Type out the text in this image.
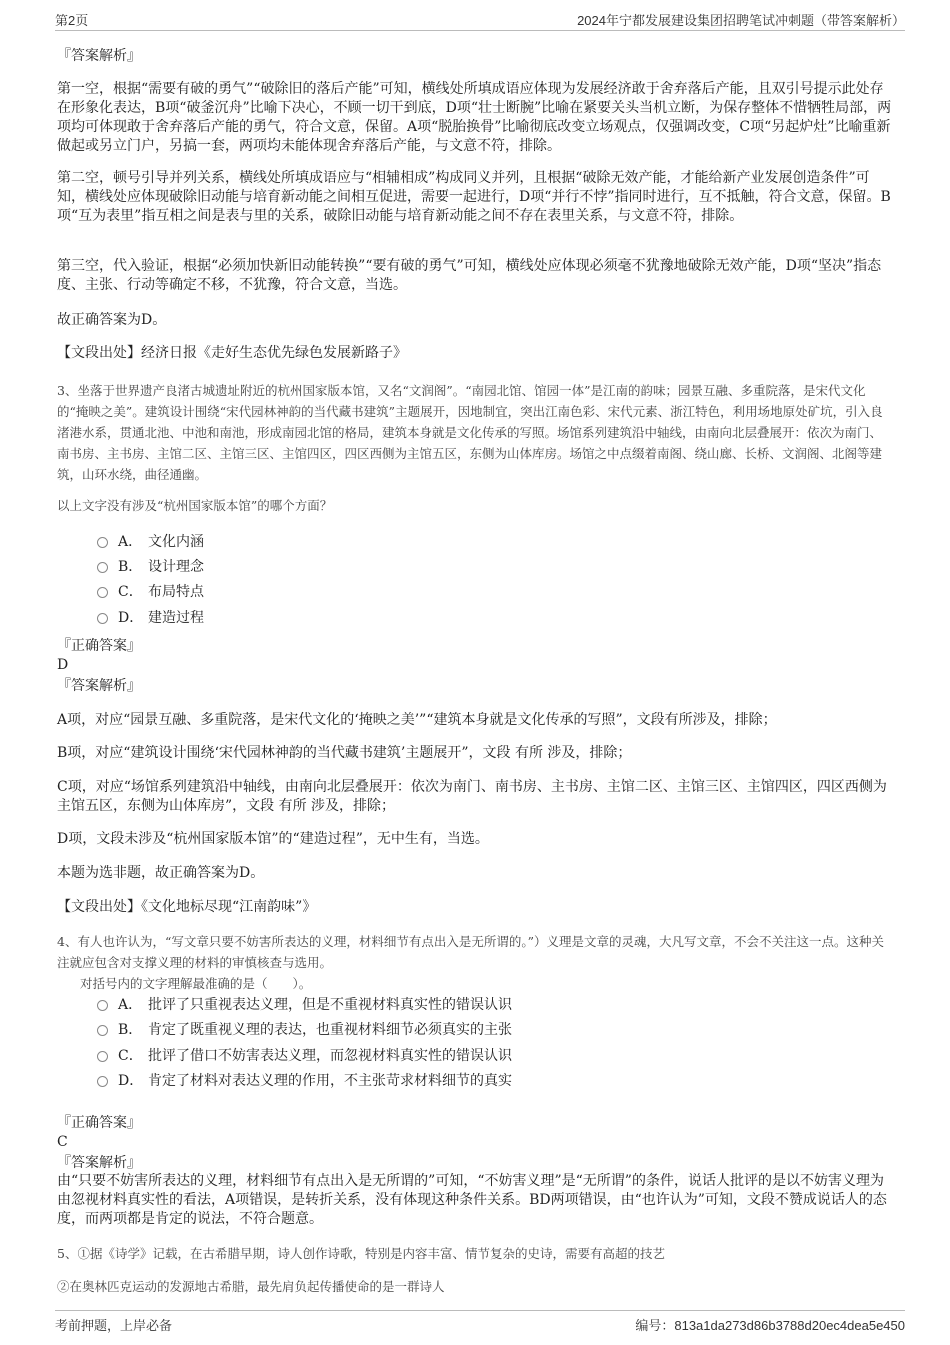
第2页	2024年宁都发展建设集团招聘笔试冲刺题（带答案解析）
『答案解析』
第一空，根据“需要有破的勇气”“破除旧的落后产能”可知，横线处所填成语应体现为发展经济敢于舍弃落后产能，且双引号提示此处存在形象化表达，B项“破釜沉舟”比喻下决心，不顾一切干到底，D项“壮士断腕”比喻在紧要关头当机立断，为保存整体不惜牺牲局部，两项均可体现敢于舍弃落后产能的勇气，符合文意，保留。A项“脱胎换骨”比喻彻底改变立场观点，仅强调改变，C项“另起炉灶”比喻重新做起或另立门户，另搞一套，两项均未能体现舍弃落后产能，与文意不符，排除。
第二空，顿号引导并列关系，横线处所填成语应与“相辅相成”构成同义并列，且根据“破除无效产能，才能给新产业发展创造条件”可知，横线处应体现破除旧动能与培育新动能之间相互促进，需要一起进行，D项“并行不悖”指同时进行，互不抵触，符合文意，保留。B项“互为表里”指互相之间是表与里的关系，破除旧动能与培育新动能之间不存在表里关系，与文意不符，排除。
第三空，代入验证，根据“必须加快新旧动能转换”“要有破的勇气”可知，横线处应体现必须毫不犹豫地破除无效产能，D项“坚决”指态度、主张、行动等确定不移，不犹豫，符合文意，当选。
故正确答案为D。
【文段出处】经济日报《走好生态优先绿色发展新路子》
3、坐落于世界遗产良渚古城遗址附近的杭州国家版本馆，又名“文润阁”。“南园北馆、馆园一体”是江南的韵味；园景互融、多重院落，是宋代文化的“掩映之美”。建筑设计围绕“宋代园林神韵的当代藏书建筑”主题展开，因地制宜，突出江南色彩、宋代元素、浙江特色，利用场地原处矿坑，引入良渚港水系，贯通北池、中池和南池，形成南园北馆的格局，建筑本身就是文化传承的写照。场馆系列建筑沿中轴线，由南向北层叠展开：依次为南门、南书房、主书房、主馆二区、主馆三区、主馆四区，四区西侧为主馆五区，东侧为山体库房。场馆之中点缀着南阁、绕山廊、长桥、文润阁、北阁等建筑，山环水绕，曲径通幽。
以上文字没有涉及“杭州国家版本馆”的哪个方面？
A． 文化内涵
B． 设计理念
C． 布局特点
D． 建造过程
『正确答案』
D
『答案解析』
A项，对应“园景互融、多重院落，是宋代文化的‘掩映之美’”“建筑本身就是文化传承的写照”，文段有所涉及，排除；
B项，对应“建筑设计围绕‘宋代园林神韵的当代藏书建筑’主题展开”，文段 有所 涉及，排除；
C项，对应“场馆系列建筑沿中轴线，由南向北层叠展开：依次为南门、南书房、主书房、主馆二区、主馆三区、主馆四区，四区西侧为主馆五区，东侧为山体库房”，文段 有所 涉及，排除；
D项，文段未涉及“杭州国家版本馆”的“建造过程”，无中生有，当选。
本题为选非题，故正确答案为D。
【文段出处】《文化地标尽现“江南韵味”》
4、有人也许认为，“写文章只要不妨害所表达的义理，材料细节有点出入是无所谓的。”）义理是文章的灵魂，大凡写文章，不会不关注这一点。这种关注就应包含对支撑义理的材料的审慎核查与选用。
对括号内的文字理解最准确的是（　　）。
A． 批评了只重视表达义理，但是不重视材料真实性的错误认识
B． 肯定了既重视义理的表达，也重视材料细节必须真实的主张
C． 批评了借口不妨害表达义理，而忽视材料真实性的错误认识
D． 肯定了材料对表达义理的作用，不主张苛求材料细节的真实
『正确答案』
C
『答案解析』
由“只要不妨害所表达的义理，材料细节有点出入是无所谓的”可知，“不妨害义理”是“无所谓”的条件，说话人批评的是以不妨害义理为由忽视材料真实性的看法，A项错误，是转折关系，没有体现这种条件关系。BD两项错误，由“也许认为”可知，文段不赞成说话人的态度，而两项都是肯定的说法，不符合题意。
5、①据《诗学》记载，在古希腊早期，诗人创作诗歌，特别是内容丰富、情节复杂的史诗，需要有高超的技艺
②在奥林匹克运动的发源地古希腊，最先肩负起传播使命的是一群诗人
考前押题，上岸必备	编号：813a1da273d86b3788d20ec4dea5e450
